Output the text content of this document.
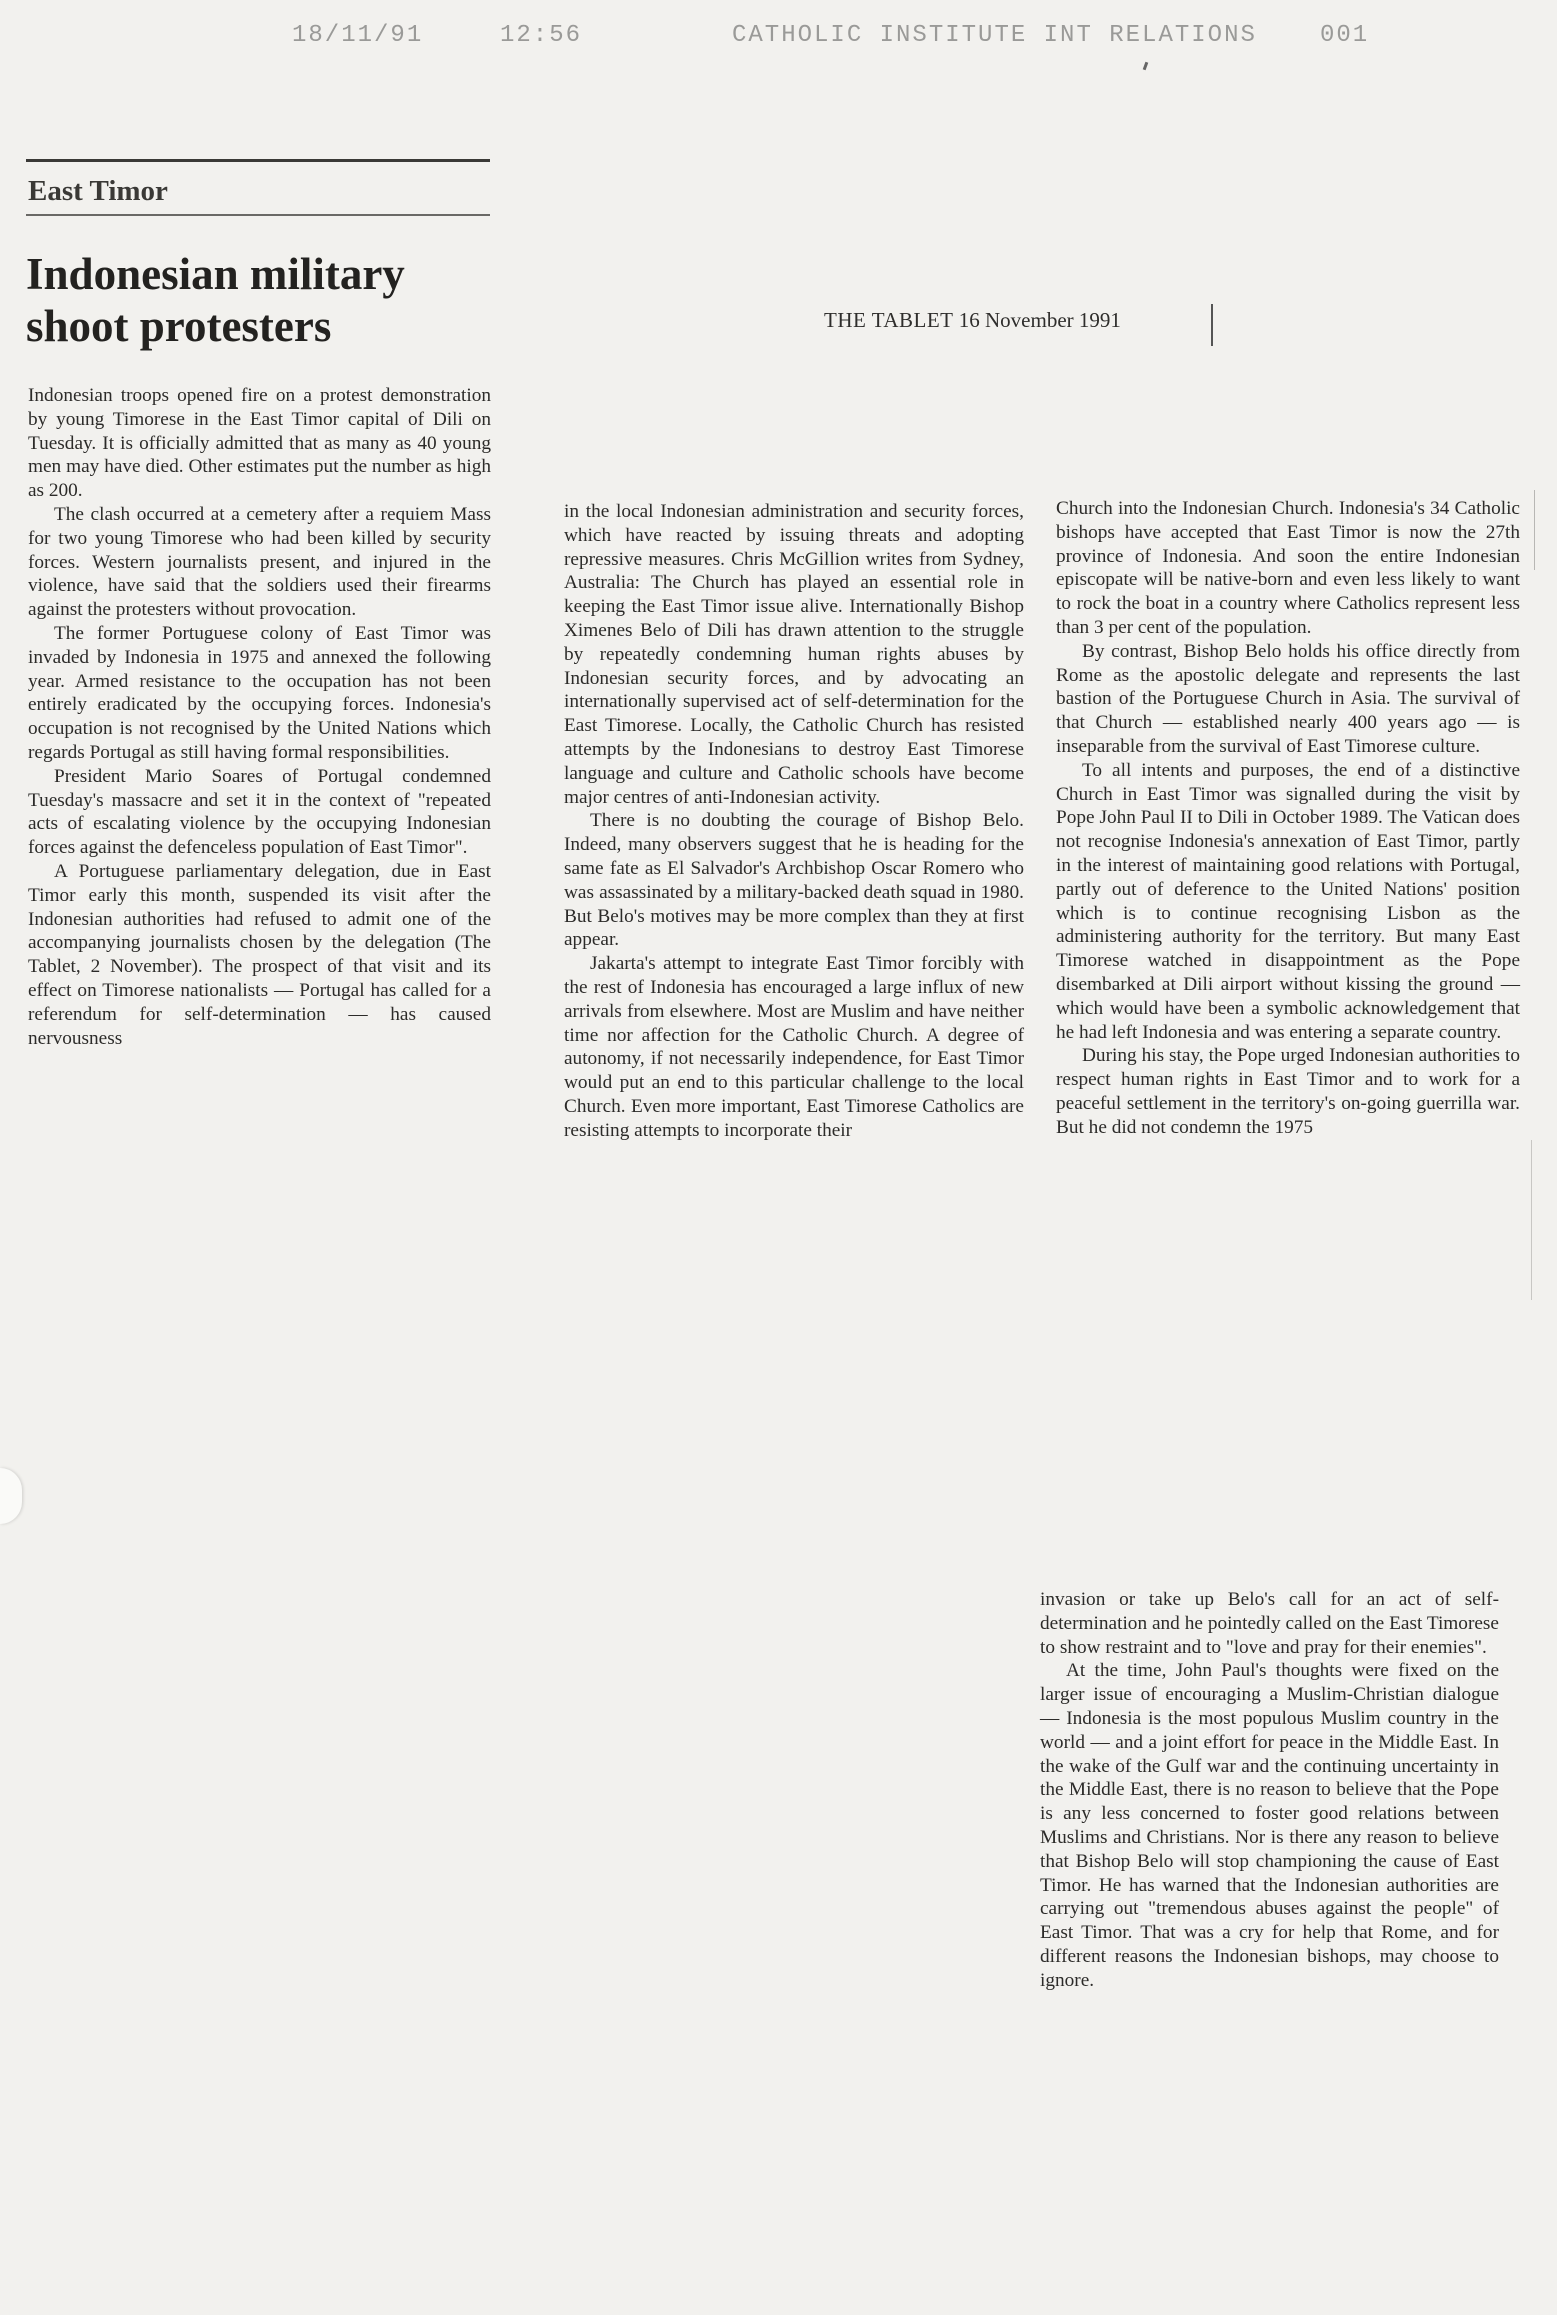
18/11/91	12:56	CATHOLIC INSTITUTE INT RELATIONS	001
East Timor
Indonesian military
shoot protesters	THE TABLET 16 November 1991

Indonesian troops opened fire on a protest demonstration by young Timorese in the East Timor capital of Dili on Tuesday. It is officially admitted that as many as 40 young men may have died. Other estimates put the number as high as 200.

The clash occurred at a cemetery after a requiem Mass for two young Timorese who had been killed by security forces. Western journalists present, and injured in the violence, have said that the soldiers used their firearms against the protesters without provocation.

The former Portuguese colony of East Timor was invaded by Indonesia in 1975 and annexed the following year. Armed resistance to the occupation has not been entirely eradicated by the occupying forces. Indonesia's occupation is not recognised by the United Nations which regards Portugal as still having formal responsibilities.

President Mario Soares of Portugal condemned Tuesday's massacre and set it in the context of "repeated acts of escalating violence by the occupying Indonesian forces against the defenceless population of East Timor".

A Portuguese parliamentary delegation, due in East Timor early this month, suspended its visit after the Indonesian authorities had refused to admit one of the accompanying journalists chosen by the delegation (The Tablet, 2 November). The prospect of that visit and its effect on Timorese nationalists — Portugal has called for a referendum for self-determination — has caused nervousness

in the local Indonesian administration and security forces, which have reacted by issuing threats and adopting repressive measures. Chris McGillion writes from Sydney, Australia: The Church has played an essential role in keeping the East Timor issue alive. Internationally Bishop Ximenes Belo of Dili has drawn attention to the struggle by repeatedly condemning human rights abuses by Indonesian security forces, and by advocating an internationally supervised act of self-determination for the East Timorese. Locally, the Catholic Church has resisted attempts by the Indonesians to destroy East Timorese language and culture and Catholic schools have become major centres of anti-Indonesian activity.

There is no doubting the courage of Bishop Belo. Indeed, many observers suggest that he is heading for the same fate as El Salvador's Archbishop Oscar Romero who was assassinated by a military-backed death squad in 1980. But Belo's motives may be more complex than they at first appear.

Jakarta's attempt to integrate East Timor forcibly with the rest of Indonesia has encouraged a large influx of new arrivals from elsewhere. Most are Muslim and have neither time nor affection for the Catholic Church. A degree of autonomy, if not necessarily independence, for East Timor would put an end to this particular challenge to the local Church. Even more important, East Timorese Catholics are resisting attempts to incorporate their

Church into the Indonesian Church. Indonesia's 34 Catholic bishops have accepted that East Timor is now the 27th province of Indonesia. And soon the entire Indonesian episcopate will be native-born and even less likely to want to rock the boat in a country where Catholics represent less than 3 per cent of the population.

By contrast, Bishop Belo holds his office directly from Rome as the apostolic delegate and represents the last bastion of the Portuguese Church in Asia. The survival of that Church — established nearly 400 years ago — is inseparable from the survival of East Timorese culture.

To all intents and purposes, the end of a distinctive Church in East Timor was signalled during the visit by Pope John Paul II to Dili in October 1989. The Vatican does not recognise Indonesia's annexation of East Timor, partly in the interest of maintaining good relations with Portugal, partly out of deference to the United Nations' position which is to continue recognising Lisbon as the administering authority for the territory. But many East Timorese watched in disappointment as the Pope disembarked at Dili airport without kissing the ground — which would have been a symbolic acknowledgement that he had left Indonesia and was entering a separate country.

During his stay, the Pope urged Indonesian authorities to respect human rights in East Timor and to work for a peaceful settlement in the territory's on-going guerrilla war. But he did not condemn the 1975

invasion or take up Belo's call for an act of self-determination and he pointedly called on the East Timorese to show restraint and to "love and pray for their enemies".

At the time, John Paul's thoughts were fixed on the larger issue of encouraging a Muslim-Christian dialogue — Indonesia is the most populous Muslim country in the world — and a joint effort for peace in the Middle East. In the wake of the Gulf war and the continuing uncertainty in the Middle East, there is no reason to believe that the Pope is any less concerned to foster good relations between Muslims and Christians. Nor is there any reason to believe that Bishop Belo will stop championing the cause of East Timor. He has warned that the Indonesian authorities are carrying out "tremendous abuses against the people" of East Timor. That was a cry for help that Rome, and for different reasons the Indonesian bishops, may choose to ignore.
